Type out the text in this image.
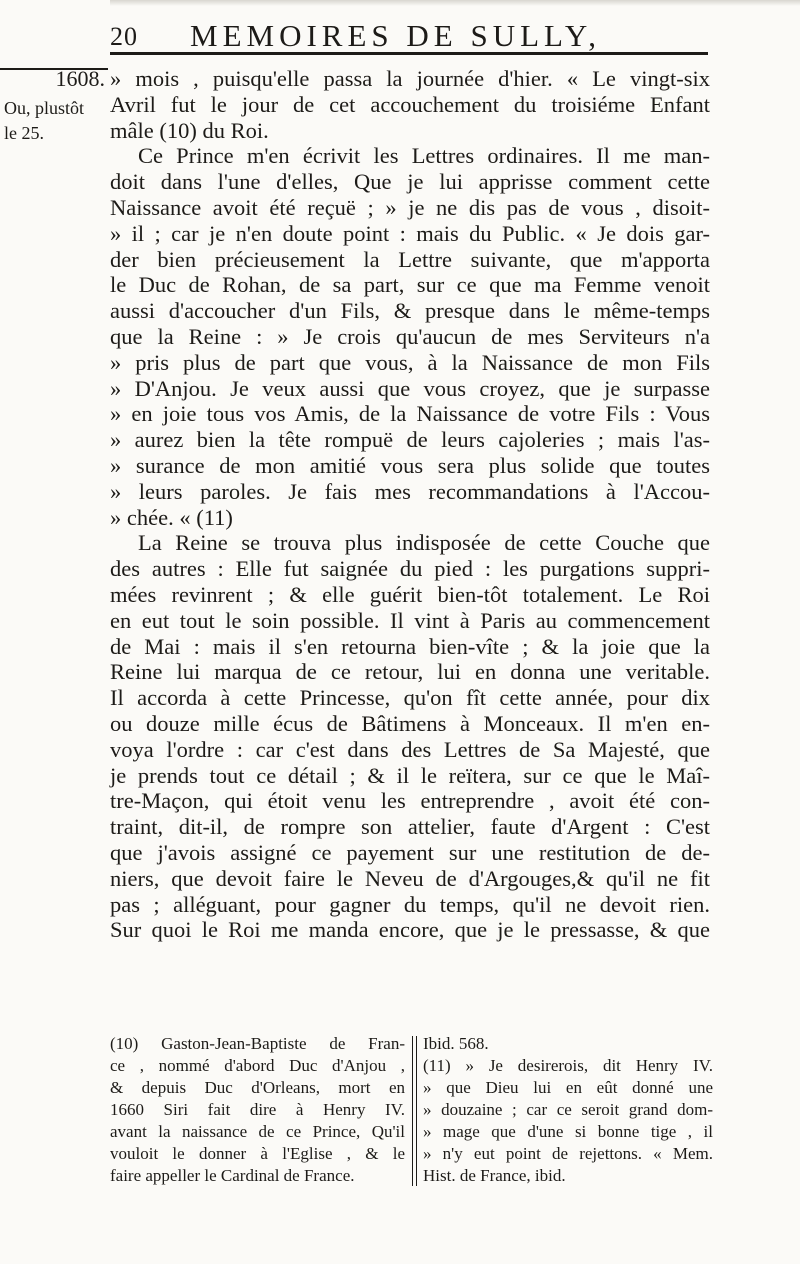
20 MEMOIRES DE SULLY,
1608.
Ou, plustôt
le 25.
» mois , puisqu'elle passa la journée d'hier. « Le vingt-six
Avril fut le jour de cet accouchement du troisiéme Enfant
mâle (10) du Roi.
Ce Prince m'en écrivit les Lettres ordinaires. Il me man-
doit dans l'une d'elles, Que je lui apprisse comment cette
Naissance avoit été reçuë ; » je ne dis pas de vous , disoit-
» il ; car je n'en doute point : mais du Public. « Je dois gar-
der bien précieusement la Lettre suivante, que m'apporta
le Duc de Rohan, de sa part, sur ce que ma Femme venoit
aussi d'accoucher d'un Fils, & presque dans le même-temps
que la Reine : » Je crois qu'aucun de mes Serviteurs n'a
» pris plus de part que vous, à la Naissance de mon Fils
» D'Anjou. Je veux aussi que vous croyez, que je surpasse
» en joie tous vos Amis, de la Naissance de votre Fils : Vous
» aurez bien la tête rompuë de leurs cajoleries ; mais l'as-
» surance de mon amitié vous sera plus solide que toutes
» leurs paroles. Je fais mes recommandations à l'Accou-
» chée. « (11)
La Reine se trouva plus indisposée de cette Couche que
des autres : Elle fut saignée du pied : les purgations suppri-
mées revinrent ; & elle guérit bien-tôt totalement. Le Roi
en eut tout le soin possible. Il vint à Paris au commencement
de Mai : mais il s'en retourna bien-vîte ; & la joie que la
Reine lui marqua de ce retour, lui en donna une veritable.
Il accorda à cette Princesse, qu'on fît cette année, pour dix
ou douze mille écus de Bâtimens à Monceaux. Il m'en en-
voya l'ordre : car c'est dans des Lettres de Sa Majesté, que
je prends tout ce détail ; & il le reïtera, sur ce que le Maî-
tre-Maçon, qui étoit venu les entreprendre , avoit été con-
traint, dit-il, de rompre son attelier, faute d'Argent : C'est
que j'avois assigné ce payement sur une restitution de de-
niers, que devoit faire le Neveu de d'Argouges,& qu'il ne fit
pas ; alléguant, pour gagner du temps, qu'il ne devoit rien.
Sur quoi le Roi me manda encore, que je le pressasse, & que
(10) Gaston-Jean-Baptiste de Fran-
ce , nommé d'abord Duc d'Anjou ,
& depuis Duc d'Orleans, mort en
1660 Siri fait dire à Henry IV.
avant la naissance de ce Prince, Qu'il
vouloit le donner à l'Eglise , & le
faire appeller le Cardinal de France.
Ibid. 568.
(11) » Je desirerois, dit Henry IV.
» que Dieu lui en eût donné une
» douzaine ; car ce seroit grand dom-
» mage que d'une si bonne tige , il
» n'y eut point de rejettons. « Mem.
Hist. de France, ibid.
